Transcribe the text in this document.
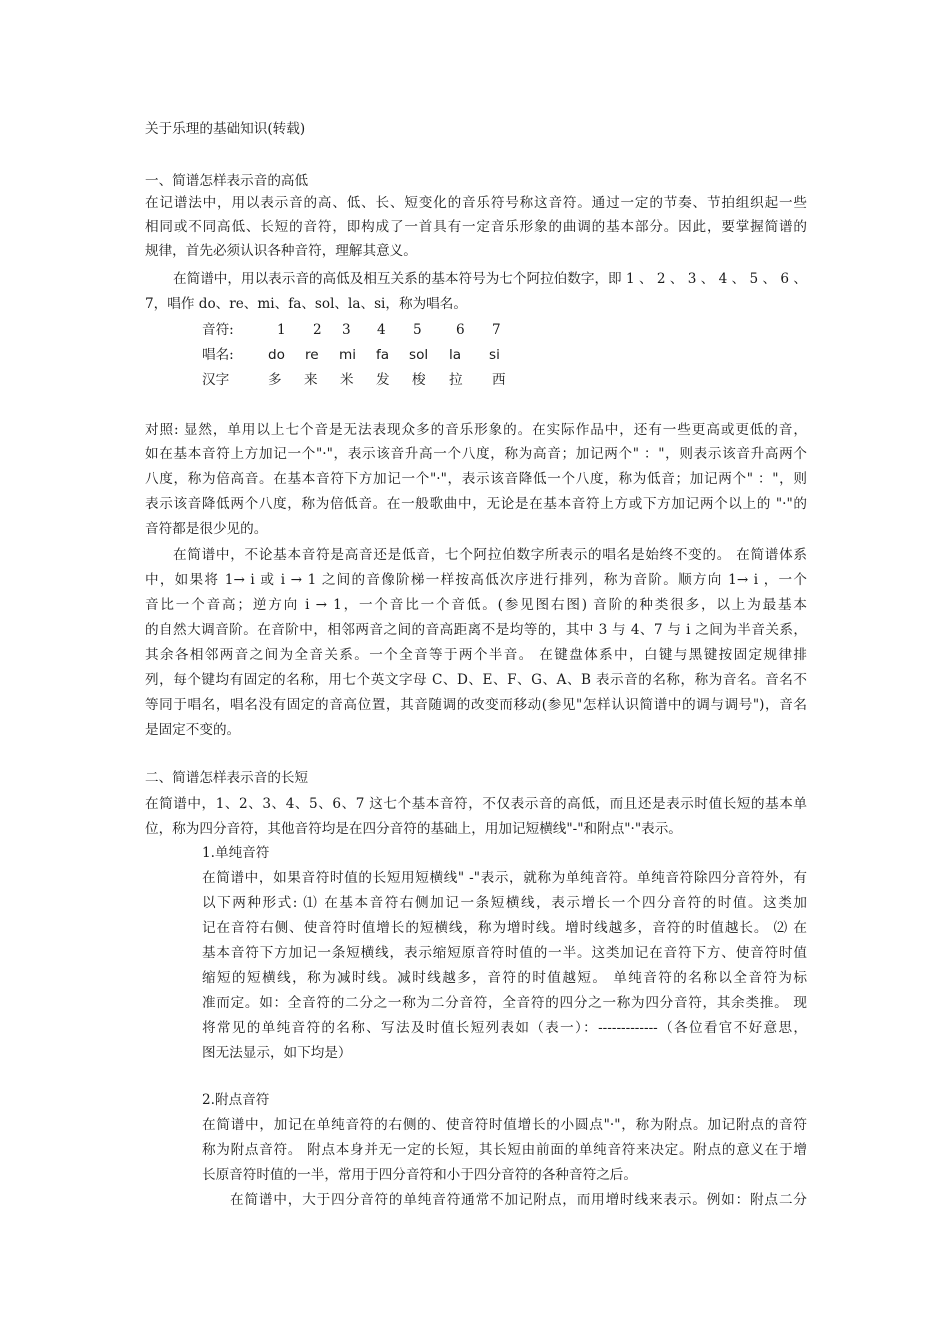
关于乐理的基础知识(转载)

一、简谱怎样表示音的高低

在记谱法中，用以表示音的高、低、长、短变化的音乐符号称这音符。通过一定的节奏、节拍组织起一些

相同或不同高低、长短的音符，即构成了一首具有一定音乐形象的曲调的基本部分。因此，要掌握简谱的

规律，首先必须认识各种音符，理解其意义。

在简谱中，用以表示音的高低及相互关系的基本符号为七个阿拉伯数字，即 1 、 2 、 3 、 4 、 5 、 6 、

7，唱作 do、re、mi、fa、sol、la、si，称为唱名。

音符:	1 2 3 4 5	6 7
唱名:	do re mi fa sol la si
汉字	多 来 米 发 梭 拉 西

对照: 显然，单用以上七个音是无法表现众多的音乐形象的。在实际作品中，还有一些更高或更低的音，

如在基本音符上方加记一个"·"，表示该音升高一个八度，称为高音；加记两个" ："，则表示该音升高两个

八度，称为倍高音。在基本音符下方加记一个"·"，表示该音降低一个八度，称为低音；加记两个" ："，则

表示该音降低两个八度，称为倍低音。在一般歌曲中，无论是在基本音符上方或下方加记两个以上的 "·"的

音符都是很少见的。

在简谱中，不论基本音符是高音还是低音，七个阿拉伯数字所表示的唱名是始终不变的。 在简谱体系

中，如果将 1→ i 或 i → 1 之间的音像阶梯一样按高低次序进行排列，称为音阶。顺方向 1→ i ，一个

音比一个音高；逆方向 i → 1，一个音比一个音低。(参见图右图) 音阶的种类很多，以上为最基本

的自然大调音阶。在音阶中，相邻两音之间的音高距离不是均等的，其中 3 与 4、7 与 i 之间为半音关系，

其余各相邻两音之间为全音关系。一个全音等于两个半音。 在键盘体系中，白键与黑键按固定规律排

列，每个键均有固定的名称，用七个英文字母 C、D、E、F、G、A、B 表示音的名称，称为音名。音名不

等同于唱名，唱名没有固定的音高位置，其音随调的改变而移动(参见"怎样认识简谱中的调与调号")，音名

是固定不变的。

二、简谱怎样表示音的长短

在简谱中，1、2、3、4、5、6、7 这七个基本音符，不仅表示音的高低，而且还是表示时值长短的基本单

位，称为四分音符，其他音符均是在四分音符的基础上，用加记短横线"-"和附点"·"表示。

1.单纯音符

在简谱中，如果音符时值的长短用短横线" -"表示，就称为单纯音符。单纯音符除四分音符外，有

以下两种形式: ⑴ 在基本音符右侧加记一条短横线，表示增长一个四分音符的时值。这类加

记在音符右侧、使音符时值增长的短横线，称为增时线。增时线越多，音符的时值越长。 ⑵ 在

基本音符下方加记一条短横线，表示缩短原音符时值的一半。这类加记在音符下方、使音符时值

缩短的短横线，称为减时线。减时线越多，音符的时值越短。 单纯音符的名称以全音符为标

准而定。如：全音符的二分之一称为二分音符，全音符的四分之一称为四分音符，其余类推。 现

将常见的单纯音符的名称、写法及时值长短列表如（表一）：-------------（各位看官不好意思，

图无法显示，如下均是）

2.附点音符

在简谱中，加记在单纯音符的右侧的、使音符时值增长的小圆点"·"，称为附点。加记附点的音符

称为附点音符。 附点本身并无一定的长短，其长短由前面的单纯音符来决定。附点的意义在于增

长原音符时值的一半，常用于四分音符和小于四分音符的各种音符之后。

在简谱中，大于四分音符的单纯音符通常不加记附点，而用增时线来表示。例如：附点二分
